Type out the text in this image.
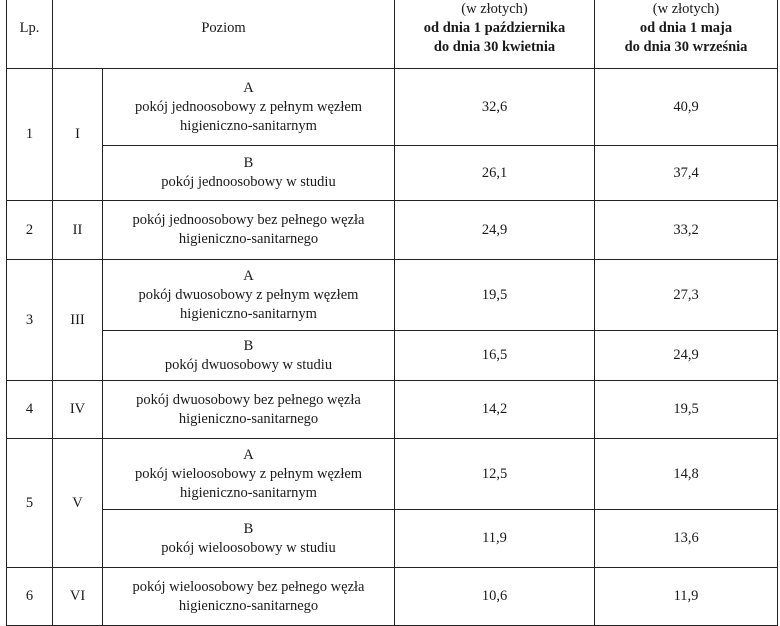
Lp.	Poziom		(w złotych)
od dnia 1 października
do dnia 30 kwietnia	(w złotych)
od dnia 1 maja
do dnia 30 września

1	I	A
pokój jednoosobowy z pełnym węzłem
higieniczno-sanitarnym	32,6	40,9

		B
pokój jednoosobowy w studiu	26,1	37,4
2	II	pokój jednoosobowy bez pełnego węzła
higieniczno-sanitarnego	24,9	33,2
3	III	A
pokój dwuosobowy z pełnym węzłem
higieniczno-sanitarnym	19,5	27,3

		B
pokój dwuosobowy w studiu	16,5	24,9
4	IV	pokój dwuosobowy bez pełnego węzła
higieniczno-sanitarnego	14,2	19,5
5	V	A
pokój wieloosobowy z pełnym węzłem
higieniczno-sanitarnym	12,5	14,8

		B
pokój wieloosobowy w studiu	11,9	13,6
6	VI	pokój wieloosobowy bez pełnego węzła
higieniczno-sanitarnego	10,6	11,9
